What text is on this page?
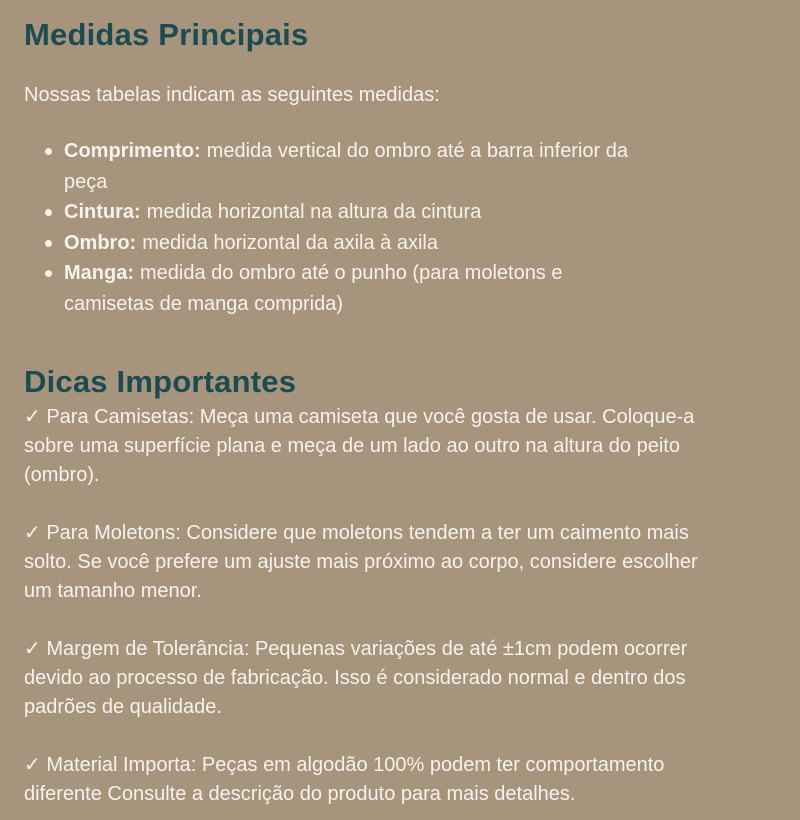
Medidas Principais

Nossas tabelas indicam as seguintes medidas:

Comprimento: medida vertical do ombro até a barra inferior da
peça
Cintura: medida horizontal na altura da cintura
Ombro: medida horizontal da axila à axila
Manga: medida do ombro até o punho (para moletons e
camisetas de manga comprida)
Dicas Importantes

✓ Para Camisetas: Meça uma camiseta que você gosta de usar. Coloque-a
sobre uma superfície plana e meça de um lado ao outro na altura do peito
(ombro).

✓ Para Moletons: Considere que moletons tendem a ter um caimento mais
solto. Se você prefere um ajuste mais próximo ao corpo, considere escolher
um tamanho menor.

✓ Margem de Tolerância: Pequenas variações de até ±1cm podem ocorrer
devido ao processo de fabricação. Isso é considerado normal e dentro dos
padrões de qualidade.

✓ Material Importa: Peças em algodão 100% podem ter comportamento
diferente Consulte a descrição do produto para mais detalhes.
